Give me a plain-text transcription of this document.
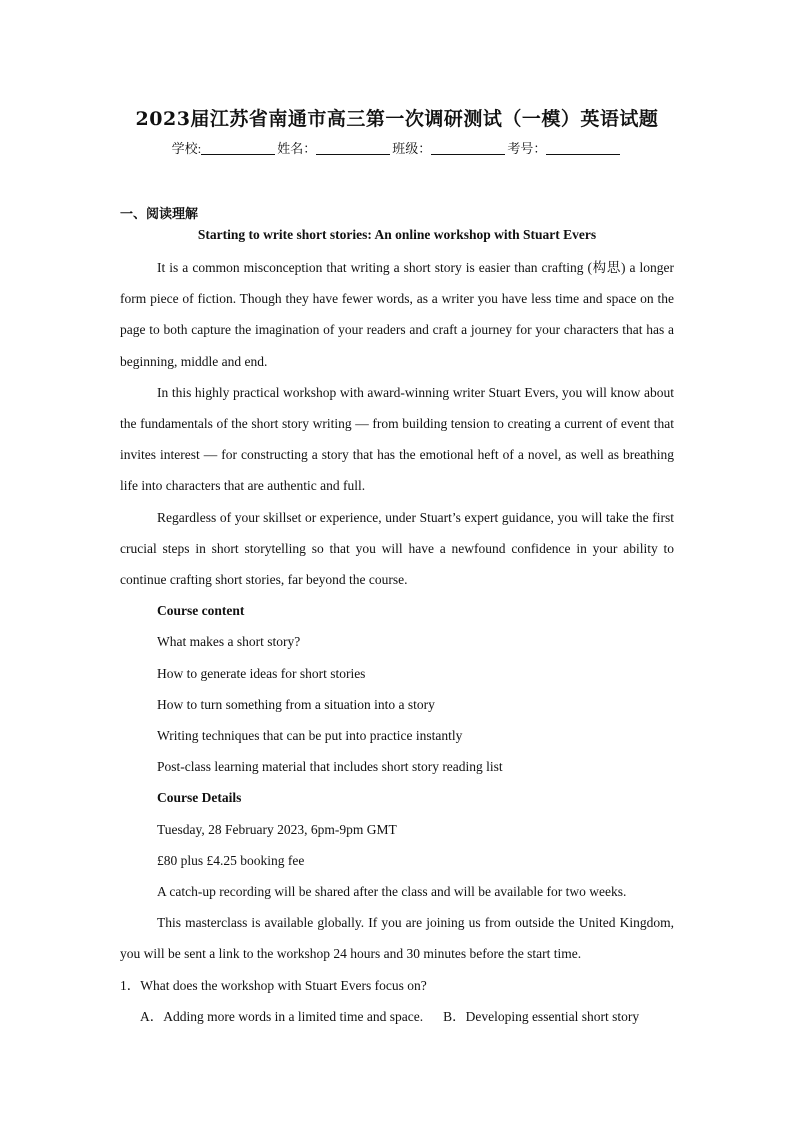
2023届江苏省南通市高三第一次调研测试（一模）英语试题
学校:	姓名：	班级：	考号：
一、阅读理解
Starting to write short stories: An online workshop with Stuart Evers

It is a common misconception that writing a short story is easier than crafting (构思) a longer form piece of fiction. Though they have fewer words, as a writer you have less time and space on the page to both capture the imagination of your readers and craft a journey for your characters that has a beginning, middle and end.

In this highly practical workshop with award-winning writer Stuart Evers, you will know about the fundamentals of the short story writing — from building tension to creating a current of event that invites interest — for constructing a story that has the emotional heft of a novel, as well as breathing life into characters that are authentic and full.

Regardless of your skillset or experience, under Stuart’s expert guidance, you will take the first crucial steps in short storytelling so that you will have a newfound confidence in your ability to continue crafting short stories, far beyond the course.

Course content
What makes a short story?
How to generate ideas for short stories
How to turn something from a situation into a story
Writing techniques that can be put into practice instantly
Post-class learning material that includes short story reading list
Course Details
Tuesday, 28 February 2023, 6pm-9pm GMT
£80 plus £4.25 booking fee
A catch-up recording will be shared after the class and will be available for two weeks.

This masterclass is available globally. If you are joining us from outside the United Kingdom, you will be sent a link to the workshop 24 hours and 30 minutes before the start time.

1．What does the workshop with Stuart Evers focus on?
A．Adding more words in a limited time and space. B．Developing essential short story
